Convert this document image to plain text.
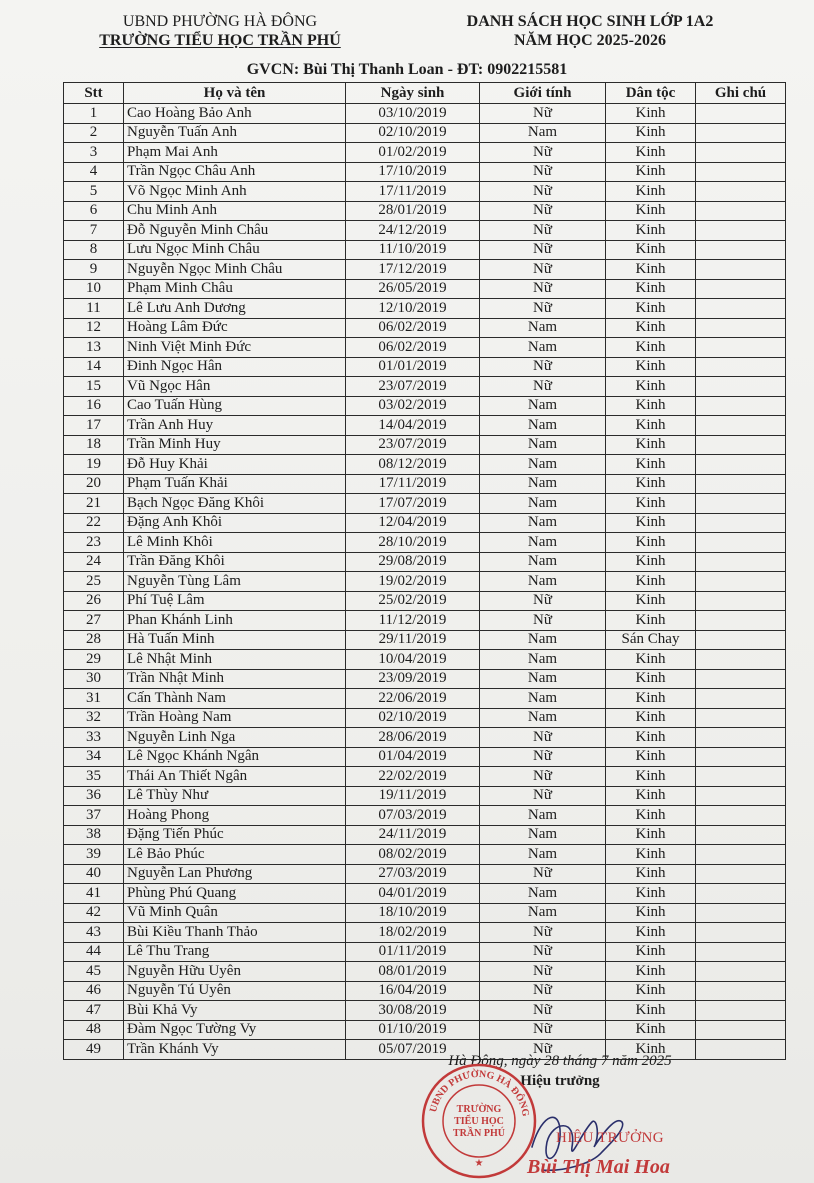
UBND PHƯỜNG HÀ ĐÔNG
TRƯỜNG TIỂU HỌC TRẦN PHÚ
DANH SÁCH HỌC SINH LỚP 1A2
NĂM HỌC 2025-2026
GVCN: Bùi Thị Thanh Loan - ĐT: 0902215581
Stt	Họ và tên	Ngày sinh	Giới tính	Dân tộc	Ghi chú
1	Cao Hoàng Bảo Anh	03/10/2019	Nữ	Kinh	
2	Nguyễn Tuấn Anh	02/10/2019	Nam	Kinh	
3	Phạm Mai Anh	01/02/2019	Nữ	Kinh	
4	Trần Ngọc Châu Anh	17/10/2019	Nữ	Kinh	
5	Võ Ngọc Minh Anh	17/11/2019	Nữ	Kinh	
6	Chu Minh Anh	28/01/2019	Nữ	Kinh	
7	Đỗ Nguyễn Minh Châu	24/12/2019	Nữ	Kinh	
8	Lưu Ngọc Minh Châu	11/10/2019	Nữ	Kinh	
9	Nguyễn Ngọc Minh Châu	17/12/2019	Nữ	Kinh	
10	Phạm Minh Châu	26/05/2019	Nữ	Kinh	
11	Lê Lưu Anh Dương	12/10/2019	Nữ	Kinh	
12	Hoàng Lâm Đức	06/02/2019	Nam	Kinh	
13	Ninh Việt Minh Đức	06/02/2019	Nam	Kinh	
14	Đinh Ngọc Hân	01/01/2019	Nữ	Kinh	
15	Vũ Ngọc Hân	23/07/2019	Nữ	Kinh	
16	Cao Tuấn Hùng	03/02/2019	Nam	Kinh	
17	Trần Anh Huy	14/04/2019	Nam	Kinh	
18	Trần Minh Huy	23/07/2019	Nam	Kinh	
19	Đỗ Huy Khải	08/12/2019	Nam	Kinh	
20	Phạm Tuấn Khải	17/11/2019	Nam	Kinh	
21	Bạch Ngọc Đăng Khôi	17/07/2019	Nam	Kinh	
22	Đặng Anh Khôi	12/04/2019	Nam	Kinh	
23	Lê Minh Khôi	28/10/2019	Nam	Kinh	
24	Trần Đăng Khôi	29/08/2019	Nam	Kinh	
25	Nguyễn Tùng Lâm	19/02/2019	Nam	Kinh	
26	Phí Tuệ Lâm	25/02/2019	Nữ	Kinh	
27	Phan Khánh Linh	11/12/2019	Nữ	Kinh	
28	Hà Tuấn Minh	29/11/2019	Nam	Sán Chay	
29	Lê Nhật Minh	10/04/2019	Nam	Kinh	
30	Trần Nhật Minh	23/09/2019	Nam	Kinh	
31	Cấn Thành Nam	22/06/2019	Nam	Kinh	
32	Trần Hoàng Nam	02/10/2019	Nam	Kinh	
33	Nguyễn Linh Nga	28/06/2019	Nữ	Kinh	
34	Lê Ngọc Khánh Ngân	01/04/2019	Nữ	Kinh	
35	Thái An Thiết Ngân	22/02/2019	Nữ	Kinh	
36	Lê Thùy Như	19/11/2019	Nữ	Kinh	
37	Hoàng Phong	07/03/2019	Nam	Kinh	
38	Đặng Tiến Phúc	24/11/2019	Nam	Kinh	
39	Lê Bảo Phúc	08/02/2019	Nam	Kinh	
40	Nguyễn Lan Phương	27/03/2019	Nữ	Kinh	
41	Phùng Phú Quang	04/01/2019	Nam	Kinh	
42	Vũ Minh Quân	18/10/2019	Nam	Kinh	
43	Bùi Kiều Thanh Thảo	18/02/2019	Nữ	Kinh	
44	Lê Thu Trang	01/11/2019	Nữ	Kinh	
45	Nguyễn Hữu Uyên	08/01/2019	Nữ	Kinh	
46	Nguyễn Tú Uyên	16/04/2019	Nữ	Kinh	
47	Bùi Khả Vy	30/08/2019	Nữ	Kinh	
48	Đàm Ngọc Tường Vy	01/10/2019	Nữ	Kinh	
49	Trần Khánh Vy	05/07/2019	Nữ	Kinh	
Hà Đông, ngày 28 tháng 7 năm 2025
Hiệu trưởng
UBND PHƯỜNG HÀ ĐÔNG
TRƯỜNG
TIỂU HỌC
TRẦN PHÚ
★
HIỆU TRƯỞNG
Bùi Thị Mai Hoa
